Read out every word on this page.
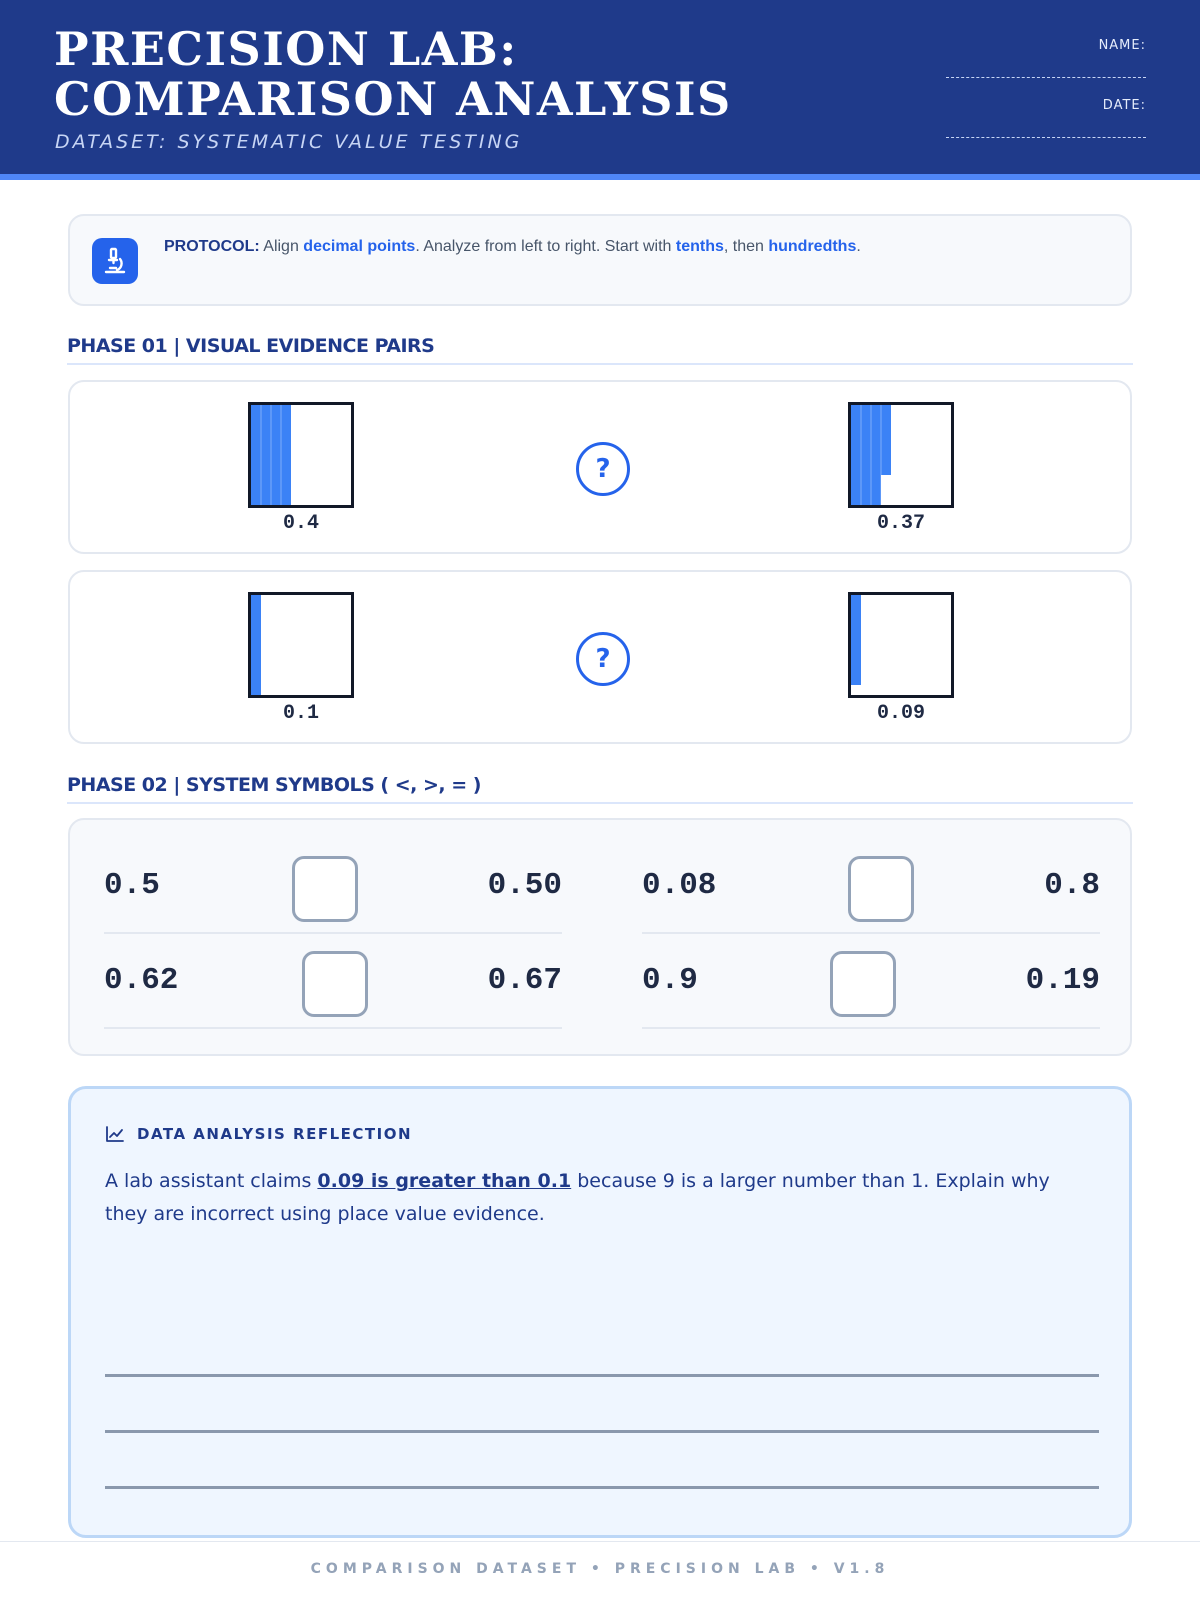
PRECISION LAB: COMPARISON ANALYSIS
DATASET: SYSTEMATIC VALUE TESTING
NAME:
DATE:
PROTOCOL: Align decimal points. Analyze from left to right. Start with tenths, then hundredths.
PHASE 01 | VISUAL EVIDENCE PAIRS
0.4
?
0.37
0.1
?
0.09
PHASE 02 | SYSTEM SYMBOLS ( <, >, = )
0.5	0.50	0.08	0.8
0.62	0.67	0.9	0.19
DATA ANALYSIS REFLECTION
A lab assistant claims 0.09 is greater than 0.1 because 9 is a larger number than 1. Explain why they are incorrect using place value evidence.
COMPARISON DATASET • PRECISION LAB • V1.8
